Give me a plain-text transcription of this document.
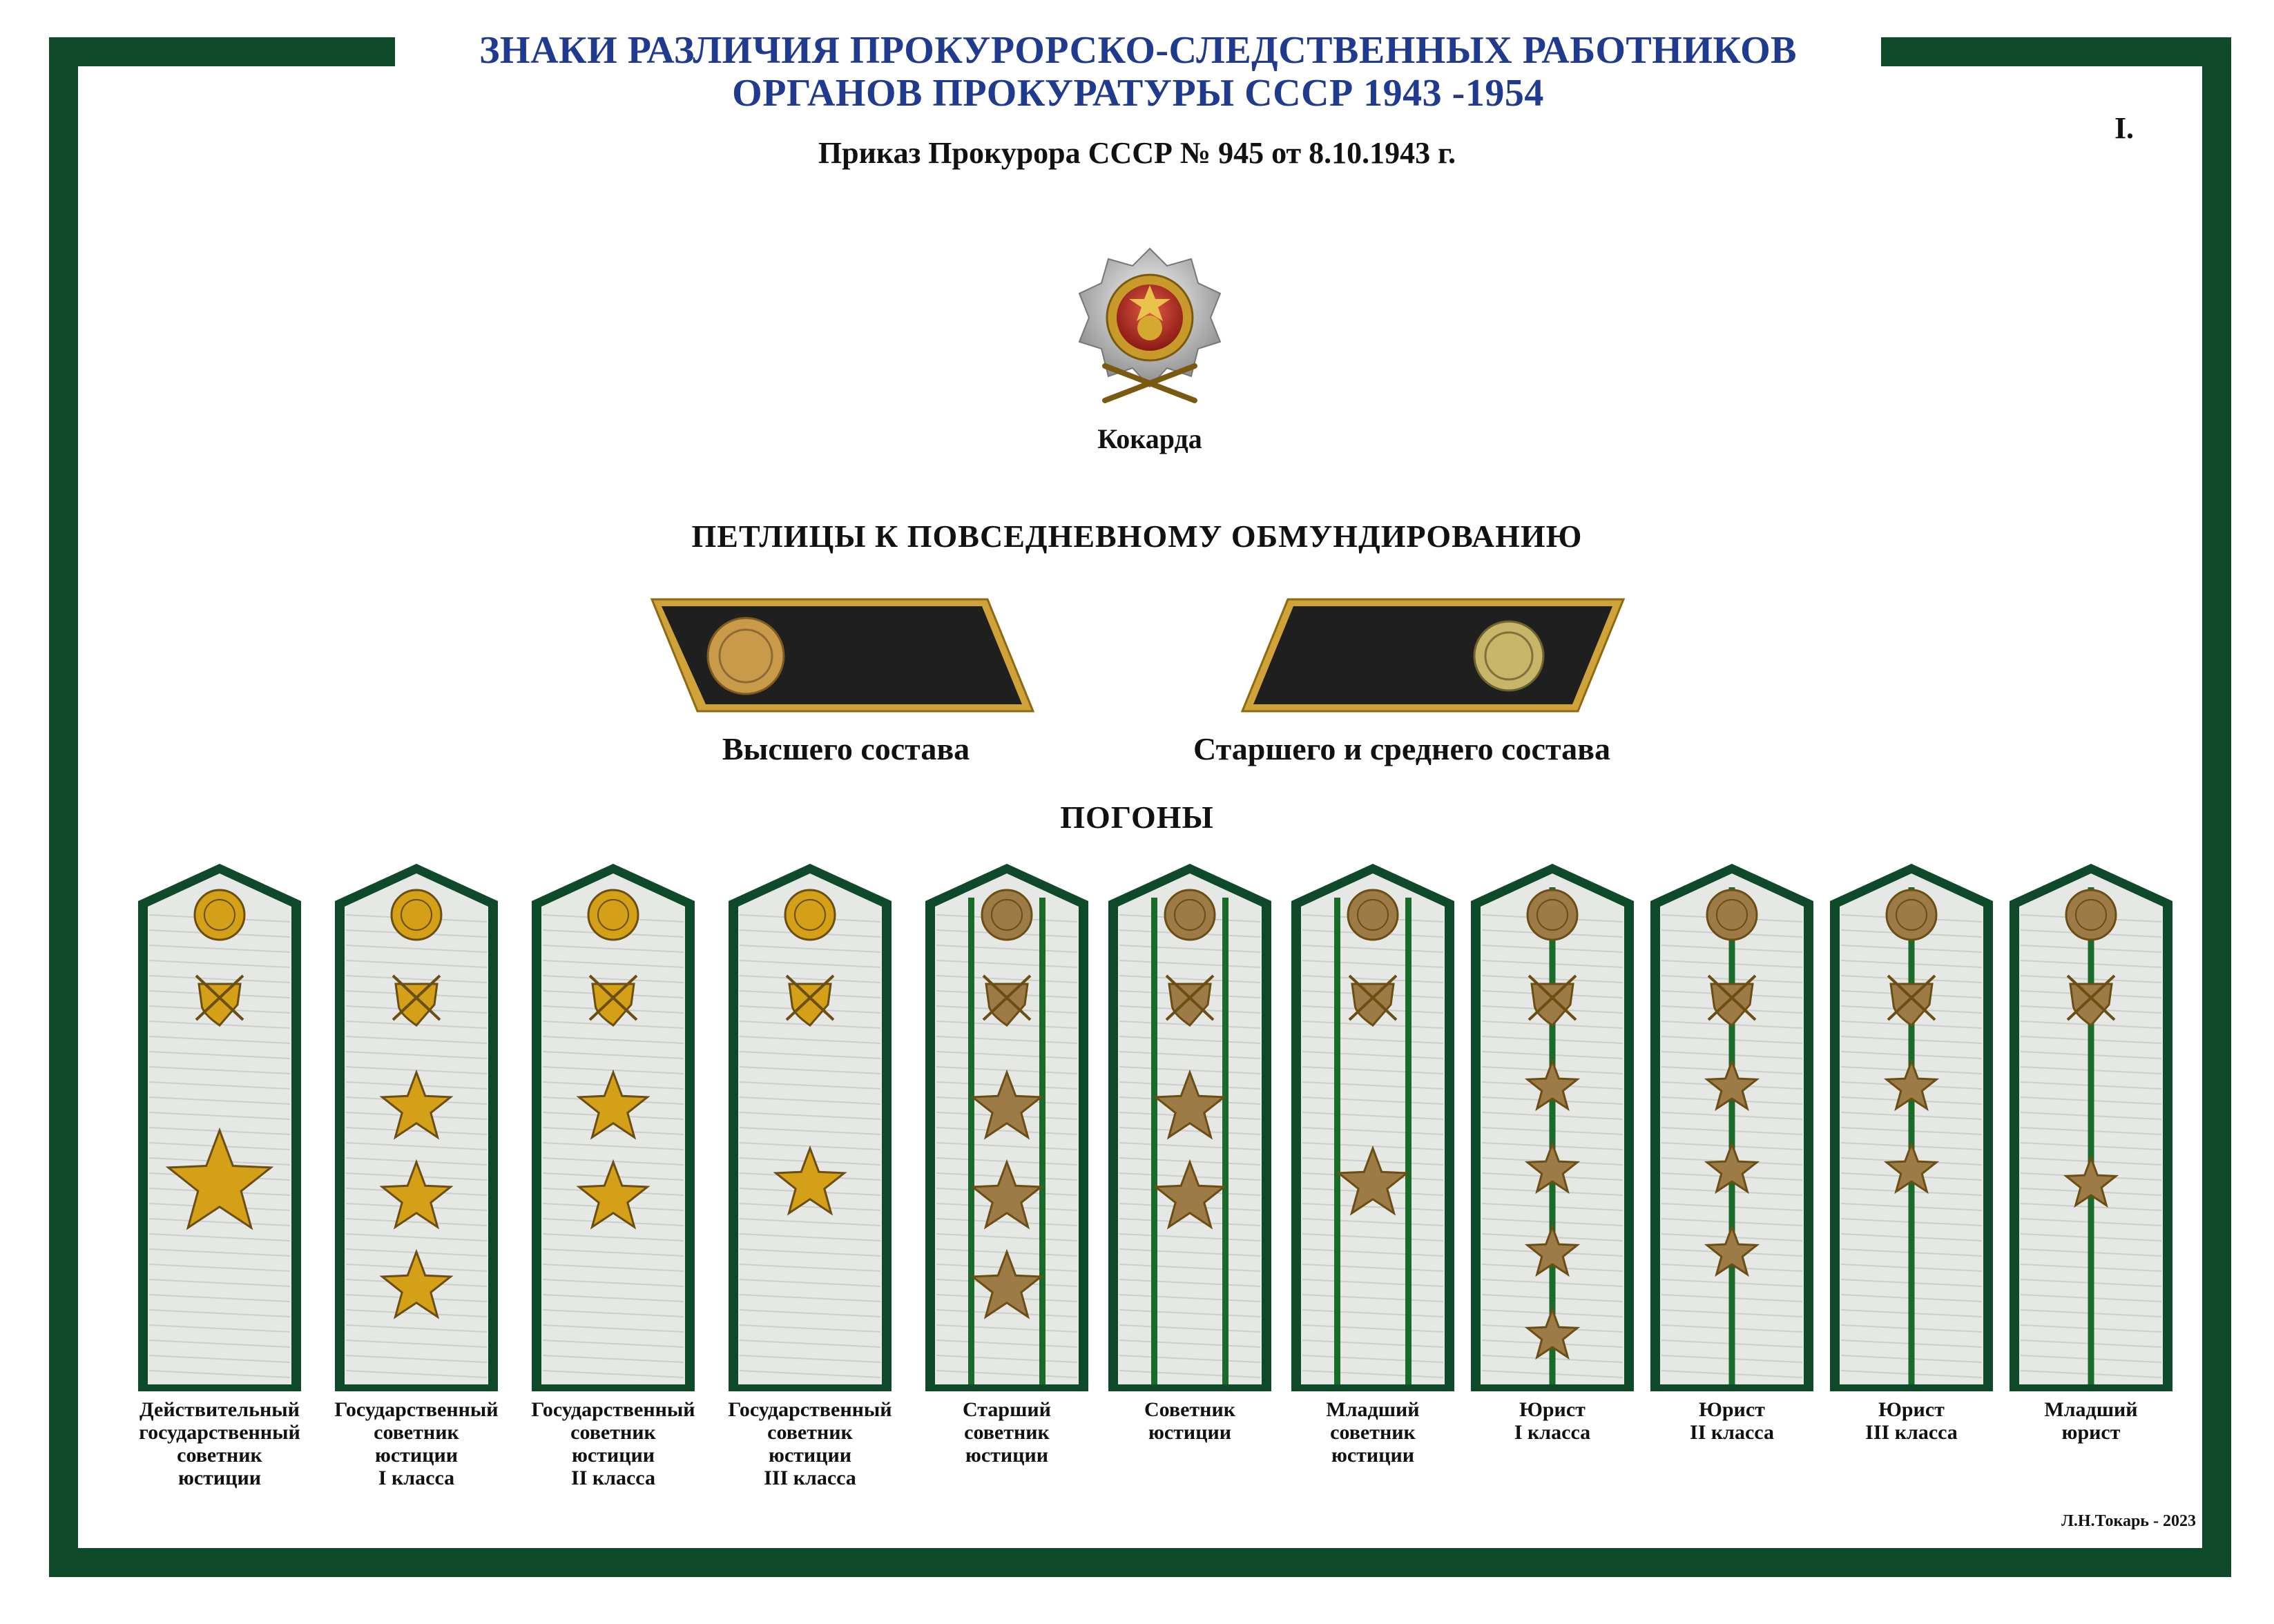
ЗНАКИ РАЗЛИЧИЯ ПРОКУРОРСКО-СЛЕДСТВЕННЫХ РАБОТНИКОВ
ОРГАНОВ ПРОКУРАТУРЫ СССР 1943 -1954
Приказ Прокурора СССР № 945 от 8.10.1943 г.
I.
Кокарда
ПЕТЛИЦЫ К ПОВСЕДНЕВНОМУ ОБМУНДИРОВАНИЮ
Высшего состава	Старшего и среднего состава
ПОГОНЫ
Действительный
государственный
советник
юстиции
Государственный
советник
юстиции
I класса
Государственный
советник
юстиции
II класса
Государственный
советник
юстиции
III класса
Старший
советник
юстиции
Советник
юстиции
Младший
советник
юстиции
Юрист
I класса
Юрист
II класса
Юрист
III класса
Младший
юрист
Л.Н.Токарь - 2023
